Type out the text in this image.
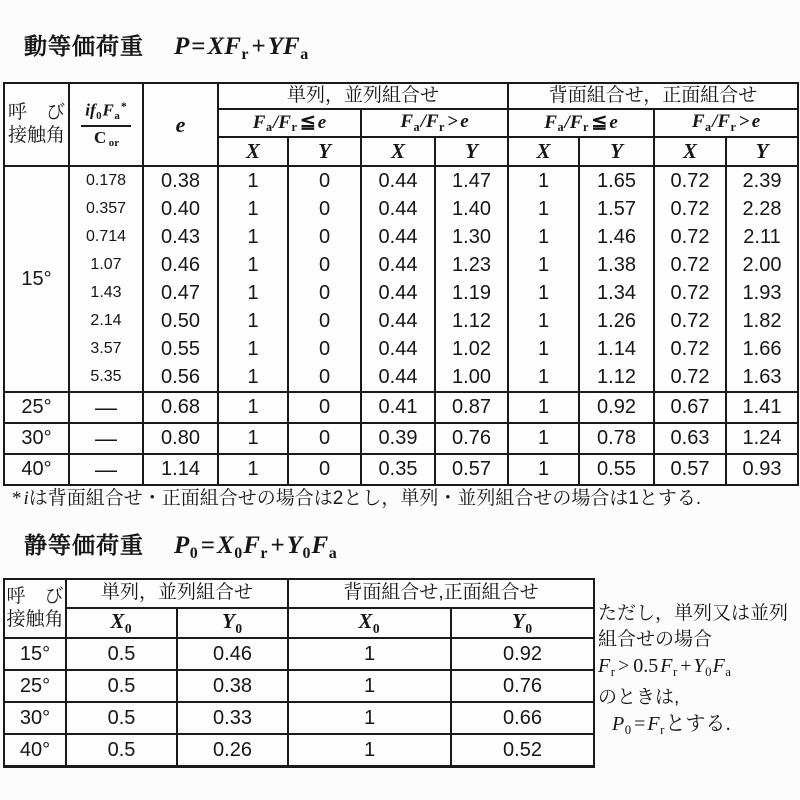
動等価荷重 $P=XF_r +YF_a$
呼　び
接触角	$\frac{if_0F_a^*}{C _{or}}$	e	単列，並列組合せ	背面組合せ，正面組合せ
			$F_a/F_r$ ≦ e		$F_a/F_r > e$		$F_a/F_r$ ≦ e		$F_a/F_r > e$	
			X	Y	X	Y	X	Y	X	Y
15°	0.178	0.38	1	0	0.44	1.47	1	1.65	0.72	2.39
	0.357	0.40	1	0	0.44	1.40	1	1.57	0.72	2.28
	0.714	0.43	1	0	0.44	1.30	1	1.46	0.72	2.11
	1.07	0.46	1	0	0.44	1.23	1	1.38	0.72	2.00
	1.43	0.47	1	0	0.44	1.19	1	1.34	0.72	1.93
	2.14	0.50	1	0	0.44	1.12	1	1.26	0.72	1.82
	3.57	0.55	1	0	0.44	1.02	1	1.14	0.72	1.66
	5.35	0.56	1	0	0.44	1.00	1	1.12	0.72	1.63
25°	—	0.68	1	0	0.41	0.87	1	0.92	0.67	1.41
30°	—	0.80	1	0	0.39	0.76	1	0.78	0.63	1.24
40°	—	1.14	1	0	0.35	0.57	1	0.55	0.57	0.93
* iは背面組合せ・正面組合せの場合は2とし，単列・並列組合せの場合は1とする.
静等価荷重 $P_0 =X_0F_r +Y_0F_a$
呼　び
接触角	単列，並列組合せ		背面組合せ,正面組合せ	
	$X_0$	$Y_0$	$X_0$	$Y_0$
15°	0.5	0.46	1	0.92
25°	0.5	0.38	1	0.76
30°	0.5	0.33	1	0.66
40°	0.5	0.26	1	0.52
ただし，単列又は並列
組合せの場合
$F_r > 0.5$ $F_r + Y_0F_a$
のときは,
$P_0 = F_r$とする.
